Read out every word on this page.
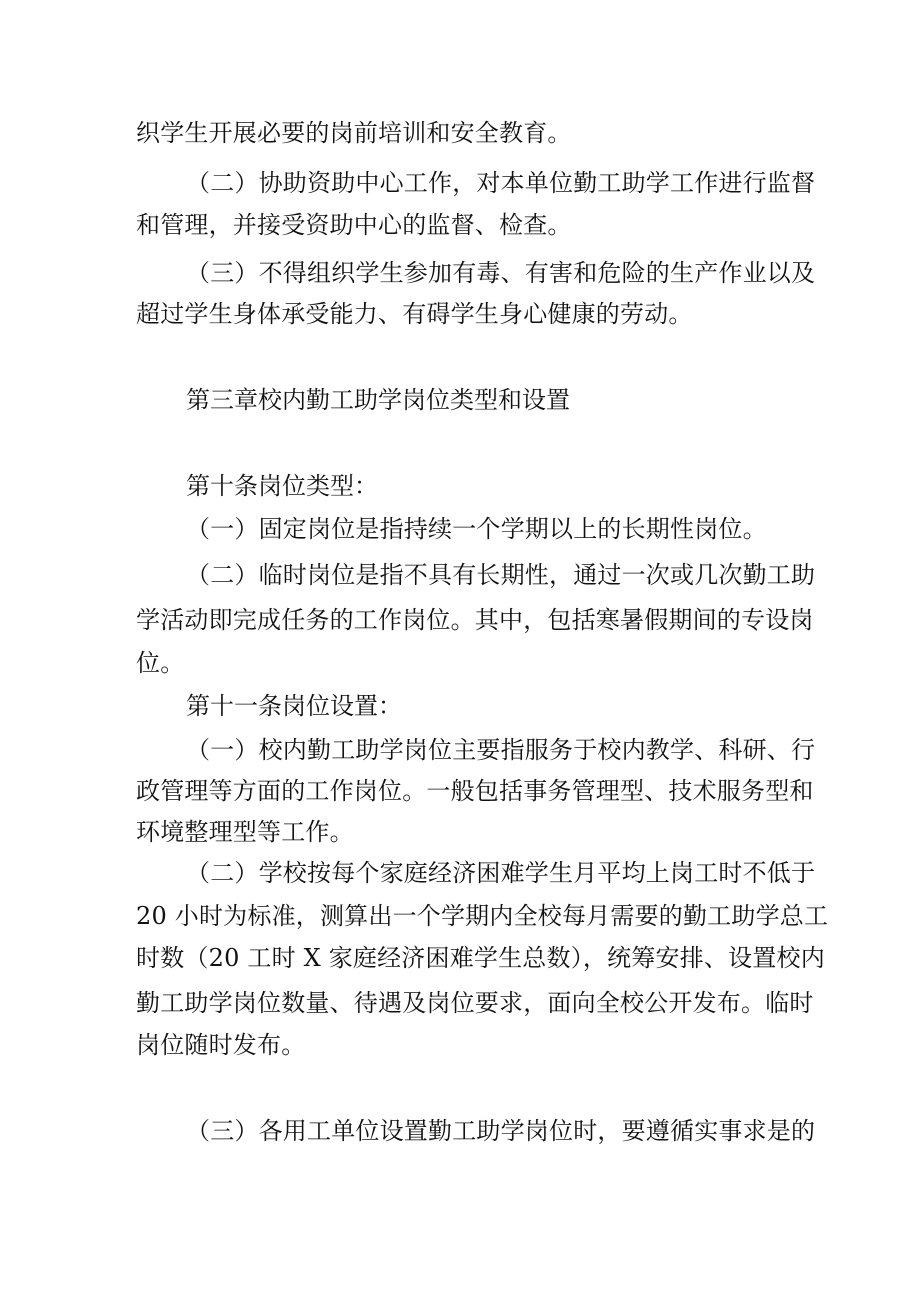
织学生开展必要的岗前培训和安全教育。
（二）协助资助中心工作，对本单位勤工助学工作进行监督
和管理，并接受资助中心的监督、检查。
（三）不得组织学生参加有毒、有害和危险的生产作业以及
超过学生身体承受能力、有碍学生身心健康的劳动。
第三章校内勤工助学岗位类型和设置
第十条岗位类型：
（一）固定岗位是指持续一个学期以上的长期性岗位。
（二）临时岗位是指不具有长期性，通过一次或几次勤工助
学活动即完成任务的工作岗位。其中，包括寒暑假期间的专设岗
位。
第十一条岗位设置：
（一）校内勤工助学岗位主要指服务于校内教学、科研、行
政管理等方面的工作岗位。一般包括事务管理型、技术服务型和
环境整理型等工作。
（二）学校按每个家庭经济困难学生月平均上岗工时不低于
20 小时为标准，测算出一个学期内全校每月需要的勤工助学总工
时数（20 工时 X 家庭经济困难学生总数），统筹安排、设置校内
勤工助学岗位数量、待遇及岗位要求，面向全校公开发布。临时
岗位随时发布。
（三）各用工单位设置勤工助学岗位时，要遵循实事求是的
